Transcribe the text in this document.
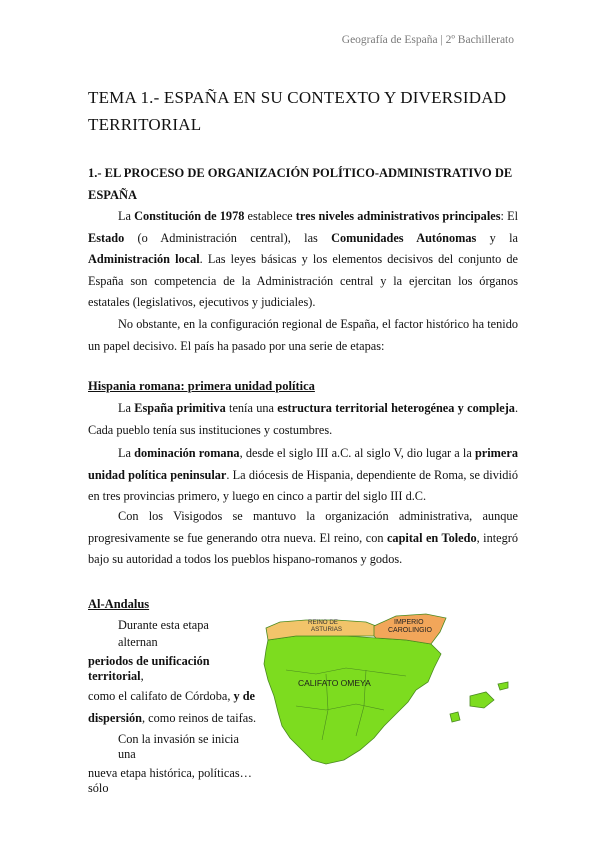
Geografía de España | 2º Bachillerato
TEMA 1.- ESPAÑA EN SU CONTEXTO Y DIVERSIDAD
TERRITORIAL
1.- EL PROCESO DE ORGANIZACIÓN POLÍTICO-ADMINISTRATIVO DE
ESPAÑA
La Constitución de 1978 establece tres niveles administrativos principales: El Estado (o Administración central), las Comunidades Autónomas y la Administración local. Las leyes básicas y los elementos decisivos del conjunto de España son competencia de la Administración central y la ejercitan los órganos estatales (legislativos, ejecutivos y judiciales).
No obstante, en la configuración regional de España, el factor histórico ha tenido un papel decisivo. El país ha pasado por una serie de etapas:
Hispania romana: primera unidad política
La España primitiva tenía una estructura territorial heterogénea y compleja. Cada pueblo tenía sus instituciones y costumbres.
La dominación romana, desde el siglo III a.C. al siglo V, dio lugar a la primera unidad política peninsular. La diócesis de Hispania, dependiente de Roma, se dividió en tres provincias primero, y luego en cinco a partir del siglo III d.C.
Con los Visigodos se mantuvo la organización administrativa, aunque progresivamente se fue generando otra nueva. El reino, con capital en Toledo, integró bajo su autoridad a todos los pueblos hispano-romanos y godos.
Al-Andalus
Durante esta etapa
alternan
periodos de unificación
territorial,
como el califato de Córdoba, y de
dispersión, como reinos de taifas.
Con la invasión se inicia
una
nueva etapa histórica, políticas…
sólo
REINO DE
ASTURIAS
IMPERIO
CAROLINGIO
CALIFATO OMEYA
